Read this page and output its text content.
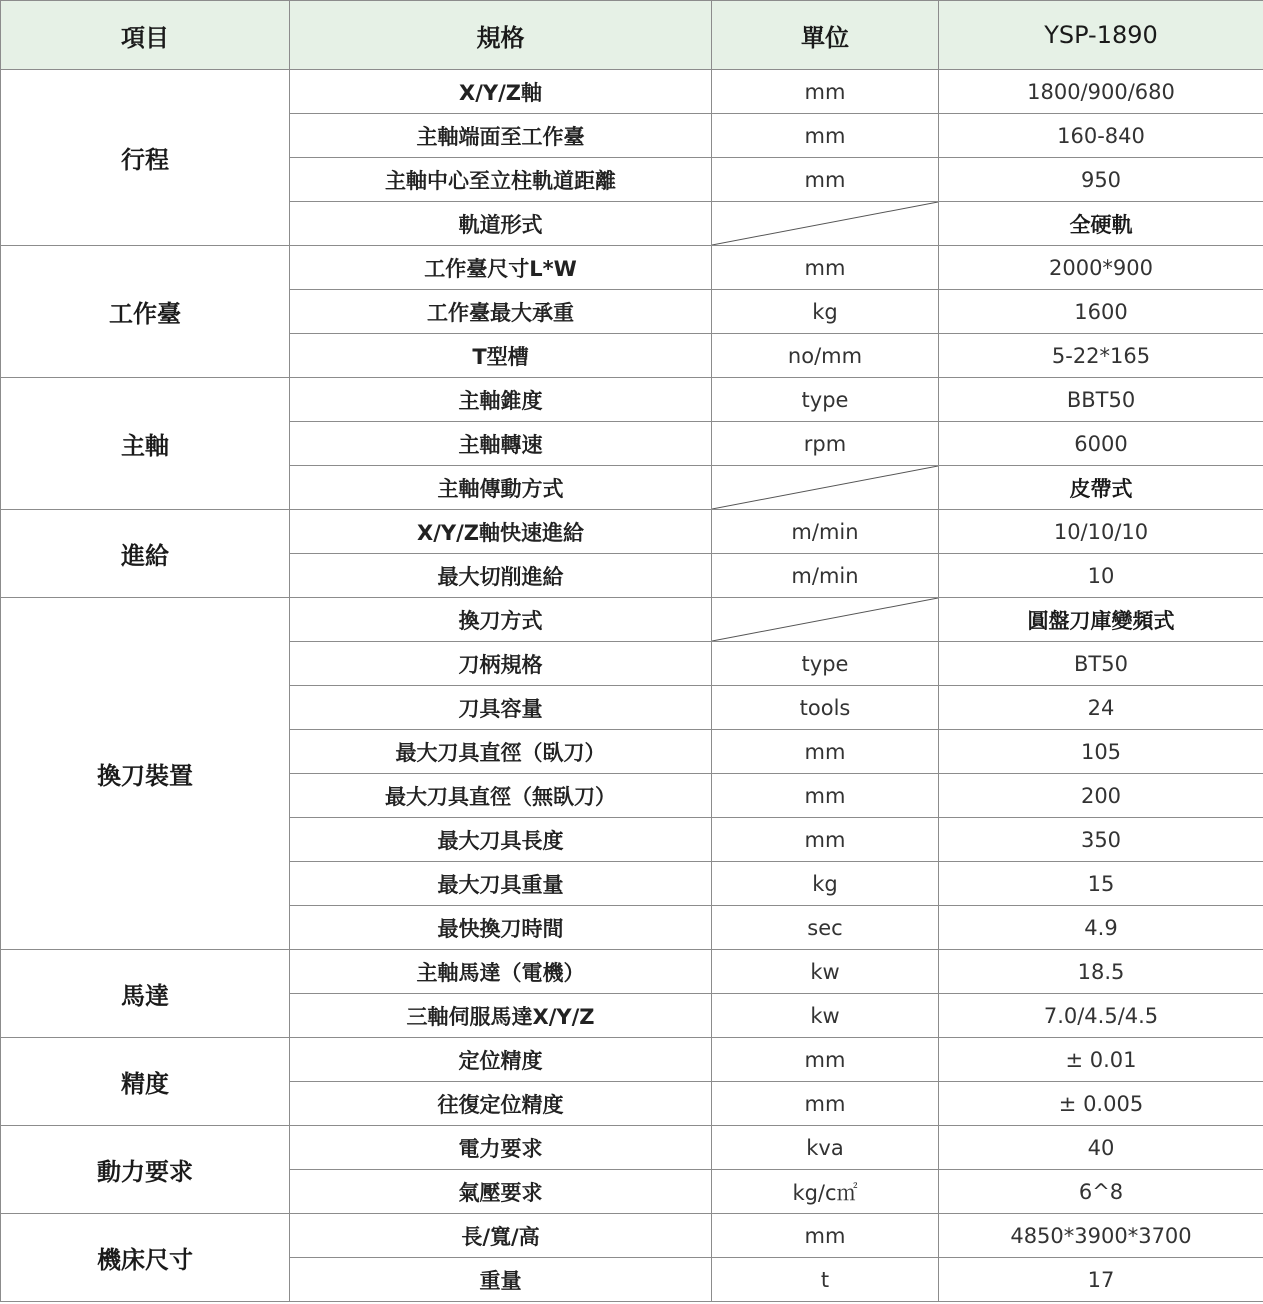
項目	規格	單位	YSP-1890
行程	X/Y/Z軸	mm	1800/900/680
	主軸端面至工作臺	mm	160-840
	主軸中心至立柱軌道距離	mm	950
	軌道形式		全硬軌
工作臺	工作臺尺寸L*W	mm	2000*900
	工作臺最大承重	kg	1600
	T型槽	no/mm	5-22*165
主軸	主軸錐度	type	BBT50
	主軸轉速	rpm	6000
	主軸傳動方式		皮帶式
進給	X/Y/Z軸快速進給	m/min	10/10/10
	最大切削進給	m/min	10
換刀裝置	換刀方式		圓盤刀庫變頻式
	刀柄規格	type	BT50
	刀具容量	tools	24
	最大刀具直徑（臥刀）	mm	105
	最大刀具直徑（無臥刀）	mm	200
	最大刀具長度	mm	350
	最大刀具重量	kg	15
	最快換刀時間	sec	4.9
馬達	主軸馬達（電機）	kw	18.5
	三軸伺服馬達X/Y/Z	kw	7.0/4.5/4.5
精度	定位精度	mm	± 0.01
	往復定位精度	mm	± 0.005
動力要求	電力要求	kva	40
	氣壓要求	kg/c㎡	6^8
機床尺寸	長/寬/高	mm	4850*3900*3700
	重量	t	17
